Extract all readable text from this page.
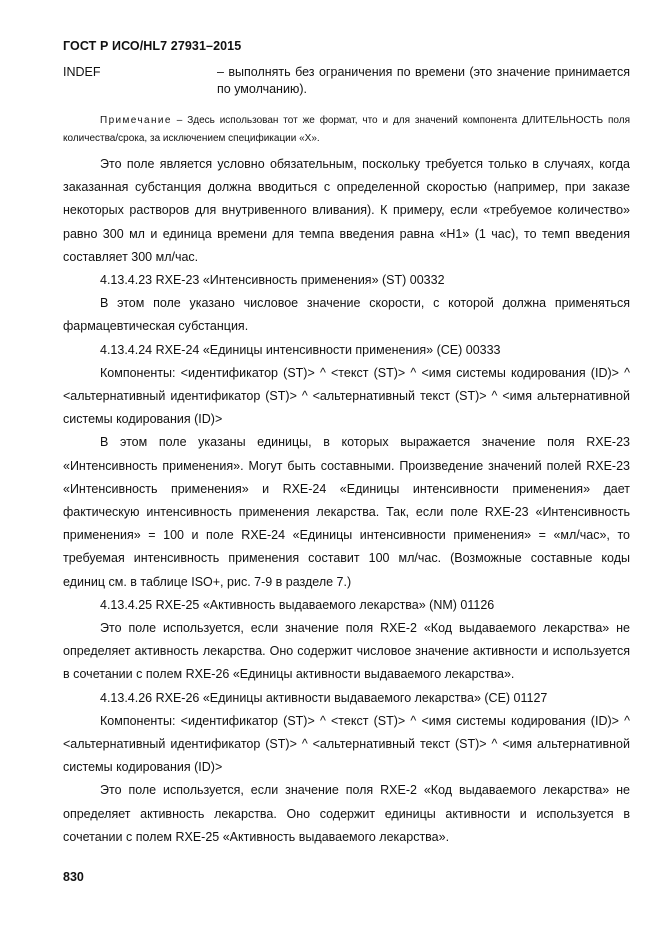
ГОСТ Р ИСО/HL7 27931–2015
INDEF	– выполнять без ограничения по времени (это значение принимается по умолчанию).
Примечание – Здесь использован тот же формат, что и для значений компонента ДЛИТЕЛЬНОСТЬ поля количества/срока, за исключением спецификации «X».

Это поле является условно обязательным, поскольку требуется только в случаях, когда заказанная субстанция должна вводиться с определенной скоростью (например, при заказе некоторых растворов для внутривенного вливания). К примеру, если «требуемое количество» равно 300 мл и единица времени для темпа введения равна «Н1» (1 час), то темп введения составляет 300 мл/час.

4.13.4.23 RXE-23 «Интенсивность применения» (ST) 00332

В этом поле указано числовое значение скорости, с которой должна применяться фармацевтическая субстанция.

4.13.4.24 RXE-24 «Единицы интенсивности применения» (CE) 00333

Компоненты: <идентификатор (ST)> ^ <текст (ST)> ^ <имя системы кодирования (ID)> ^ <альтернативный идентификатор (ST)> ^ <альтернативный текст (ST)> ^ <имя альтернативной системы кодирования (ID)>

В этом поле указаны единицы, в которых выражается значение поля RXE-23 «Интенсивность применения». Могут быть составными. Произведение значений полей RXE-23 «Интенсивность применения» и RXE-24 «Единицы интенсивности применения» дает фактическую интенсивность применения лекарства. Так, если поле RXE-23 «Интенсивность применения» = 100 и поле RXE-24 «Единицы интенсивности применения» = «мл/час», то требуемая интенсивность применения составит 100 мл/час. (Возможные составные коды единиц см. в таблице ISO+, рис. 7-9 в разделе 7.)

4.13.4.25 RXE-25 «Активность выдаваемого лекарства» (NM) 01126

Это поле используется, если значение поля RXE-2 «Код выдаваемого лекарства» не определяет активность лекарства. Оно содержит числовое значение активности и используется в сочетании с полем RXE-26 «Единицы активности выдаваемого лекарства».

4.13.4.26 RXE-26 «Единицы активности выдаваемого лекарства» (CE) 01127

Компоненты: <идентификатор (ST)> ^ <текст (ST)> ^ <имя системы кодирования (ID)> ^ <альтернативный идентификатор (ST)> ^ <альтернативный текст (ST)> ^ <имя альтернативной системы кодирования (ID)>

Это поле используется, если значение поля RXE-2 «Код выдаваемого лекарства» не определяет активность лекарства. Оно содержит единицы активности и используется в сочетании с полем RXE-25 «Активность выдаваемого лекарства».

830
